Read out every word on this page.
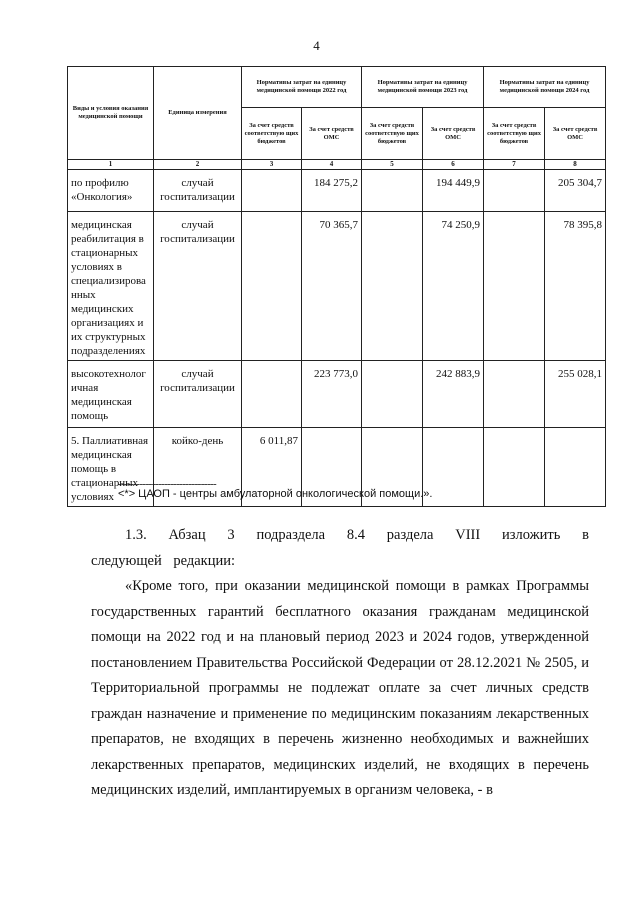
4
Виды и условия оказания медицинской помощи	Единица измерения	Нормативы затрат на единицу медицинской помощи 2022 год		Нормативы затрат на единицу медицинской помощи 2023 год		Нормативы затрат на единицу медицинской помощи 2024 год	
		За счет средств соответствую щих бюджетов	За счет средств ОМС	За счет средств соответствую щих бюджетов	За счет средств ОМС	За счет средств соответствую щих бюджетов	За счет средств ОМС
1	2	3	4	5	6	7	8
по профилю «Онкология»	случай госпитализации		184 275,2		194 449,9		205 304,7
медицинская реабилитация в стационарных условиях в специализирова нных медицинских организациях и их структурных подразделениях	случай госпитализации		70 365,7		74 250,9		78 395,8
высокотехнолог ичная медицинская помощь	случай госпитализации		223 773,0		242 883,9		255 028,1
5. Паллиативная медицинская помощь в стационарных условиях	койко-день	6 011,87					
--------------------------------
<*> ЦАОП - центры амбулаторной онкологической помощи.».

1.3. Абзац 3 подраздела 8.4 раздела VIII изложить в следующей редакции:

«Кроме того, при оказании медицинской помощи в рамках Программы государственных гарантий бесплатного оказания гражданам медицинской помощи на 2022 год и на плановый период 2023 и 2024 годов, утвержденной постановлением Правительства Российской Федерации от 28.12.2021 № 2505, и Территориальной программы не подлежат оплате за счет личных средств граждан назначение и применение по медицинским показаниям лекарственных препаратов, не входящих в перечень жизненно необходимых и важнейших лекарственных препаратов, медицинских изделий, не входящих в перечень медицинских изделий, имплантируемых в организм человека, - в
